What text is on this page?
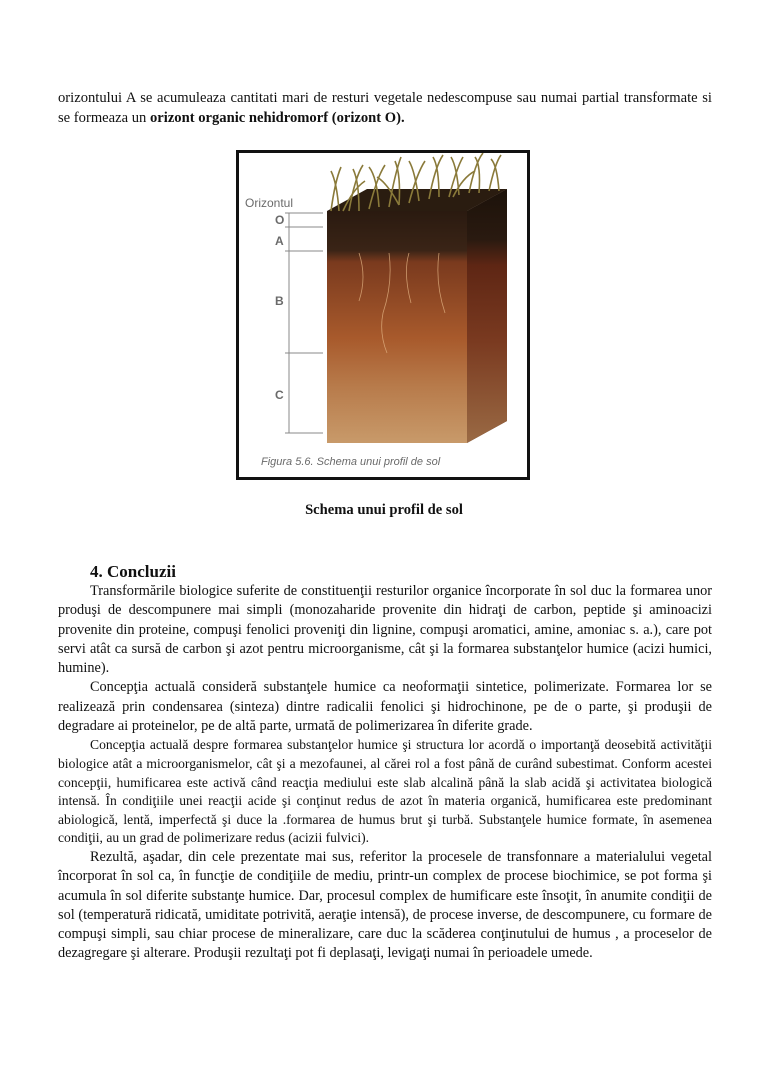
orizontului A se acumuleaza cantitati mari de resturi vegetale nedescompuse sau numai partial transformate si se formeaza un orizont organic nehidromorf (orizont O).

Orizontul
O
A
B
C
Figura 5.6. Schema unui profil de sol
Schema unui profil de sol
4. Concluzii

Transformările biologice suferite de constituenţii resturilor organice încorporate în sol duc la formarea unor produşi de descompunere mai simpli (monozaharide provenite din hidraţi de carbon, peptide şi aminoacizi provenite din proteine, compuşi fenolici proveniţi din lignine, compuşi aromatici, amine, amoniac s. a.), care pot servi atât ca sursă de carbon şi azot pentru microorganisme, cât şi la formarea substanţelor humice (acizi humici, humine).

Concepţia actuală consideră substanţele humice ca neoformaţii sintetice, polimerizate. Formarea lor se realizează prin condensarea (sinteza) dintre radicalii fenolici şi hidrochinone, pe de o parte, şi produşii de degradare ai proteinelor, pe de altă parte, urmată de polimerizarea în diferite grade.

Concepţia actuală despre formarea substanţelor humice şi structura lor acordă o importanţă deosebită activităţii biologice atât a microorganismelor, cât şi a mezofaunei, al cărei rol a fost până de curând subestimat. Conform acestei concepţii, humificarea este activă când reacţia mediului este slab alcalină până la slab acidă şi activitatea biologică intensă. În condiţiile unei reacţii acide şi conţinut redus de azot în materia organică, humificarea este predominant abiologică, lentă, imperfectă şi duce la .formarea de humus brut şi turbă. Substanţele humice formate, în asemenea condiţii, au un grad de polimerizare redus (acizii fulvici).

Rezultă, aşadar, din cele prezentate mai sus, referitor la procesele de transfonnare a materialului vegetal încorporat în sol ca, în funcţie de condiţiile de mediu, printr-un complex de procese biochimice, se pot forma şi acumula în sol diferite substanţe humice. Dar, procesul complex de humificare este însoţit, în anumite condiţii de sol (temperatură ridicată, umiditate potrivită, aeraţie intensă), de procese inverse, de descompunere, cu formare de compuşi simpli, sau chiar procese de mineralizare, care duc la scăderea conţinutului de humus , a proceselor de dezagregare şi alterare. Produşii rezultaţi pot fi deplasaţi, levigaţi numai în perioadele umede.
